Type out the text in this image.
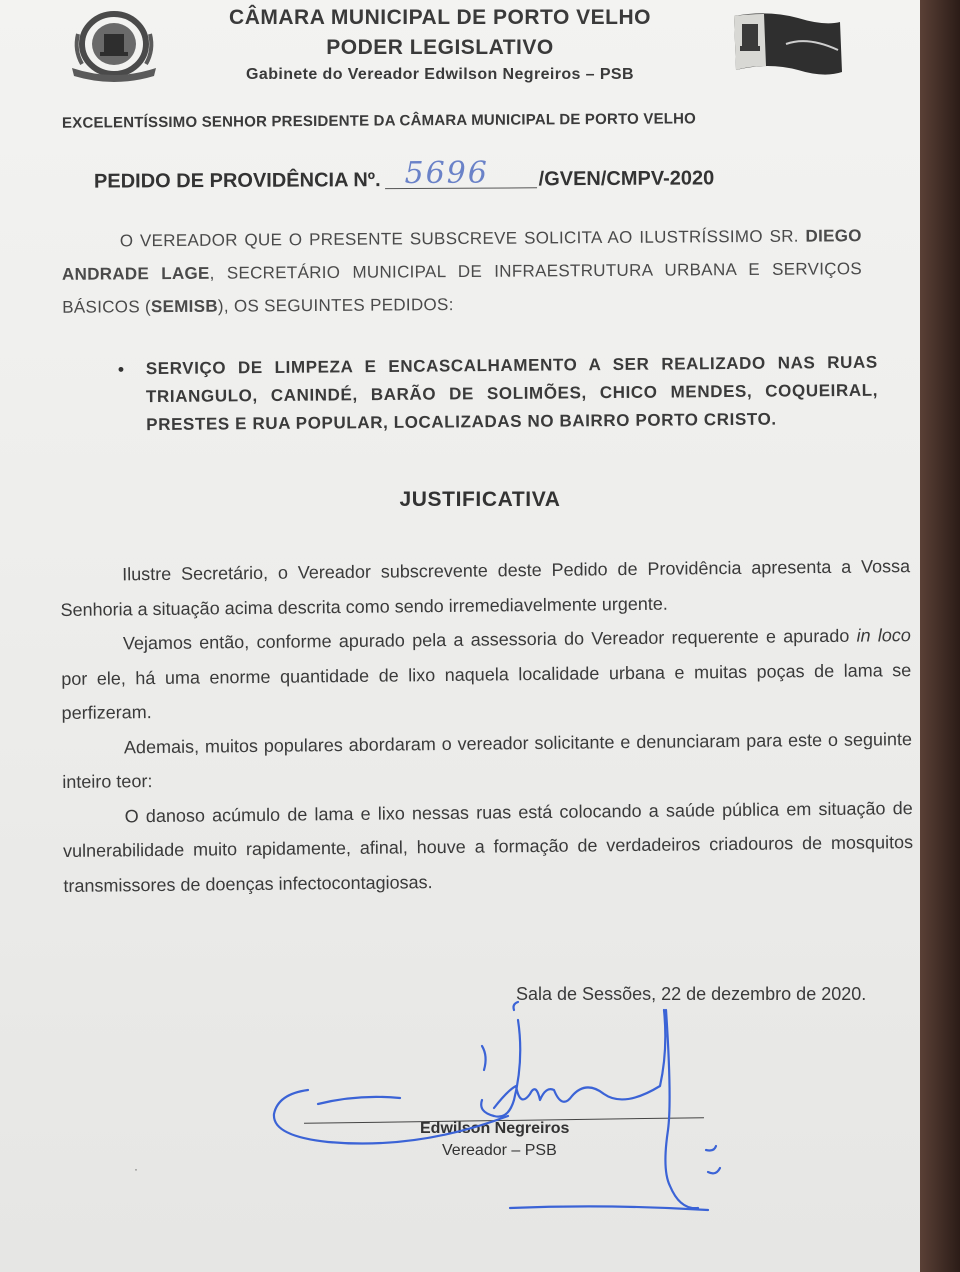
CÂMARA MUNICIPAL DE PORTO VELHO
PODER LEGISLATIVO
Gabinete do Vereador Edwilson Negreiros – PSB
EXCELENTÍSSIMO SENHOR PRESIDENTE DA CÂMARA MUNICIPAL DE PORTO VELHO
PEDIDO DE PROVIDÊNCIA Nº. 5696 /GVEN/CMPV-2020

O VEREADOR QUE O PRESENTE SUBSCREVE SOLICITA AO ILUSTRÍSSIMO SR. DIEGO ANDRADE LAGE, SECRETÁRIO MUNICIPAL DE INFRAESTRUTURA URBANA E SERVIÇOS BÁSICOS (SEMISB), OS SEGUINTES PEDIDOS:

• SERVIÇO DE LIMPEZA E ENCASCALHAMENTO A SER REALIZADO NAS RUAS TRIANGULO, CANINDÉ, BARÃO DE SOLIMÕES, CHICO MENDES, COQUEIRAL, PRESTES E RUA POPULAR, LOCALIZADAS NO BAIRRO PORTO CRISTO.
JUSTIFICATIVA

Ilustre Secretário, o Vereador subscrevente deste Pedido de Providência apresenta a Vossa Senhoria a situação acima descrita como sendo irremediavelmente urgente.

Vejamos então, conforme apurado pela a assessoria do Vereador requerente e apurado in loco por ele, há uma enorme quantidade de lixo naquela localidade urbana e muitas poças de lama se perfizeram.

Ademais, muitos populares abordaram o vereador solicitante e denunciaram para este o seguinte inteiro teor:

O danoso acúmulo de lama e lixo nessas ruas está colocando a saúde pública em situação de vulnerabilidade muito rapidamente, afinal, houve a formação de verdadeiros criadouros de mosquitos transmissores de doenças infectocontagiosas.

Sala de Sessões, 22 de dezembro de 2020.
Edwilson Negreiros
Vereador – PSB
·
